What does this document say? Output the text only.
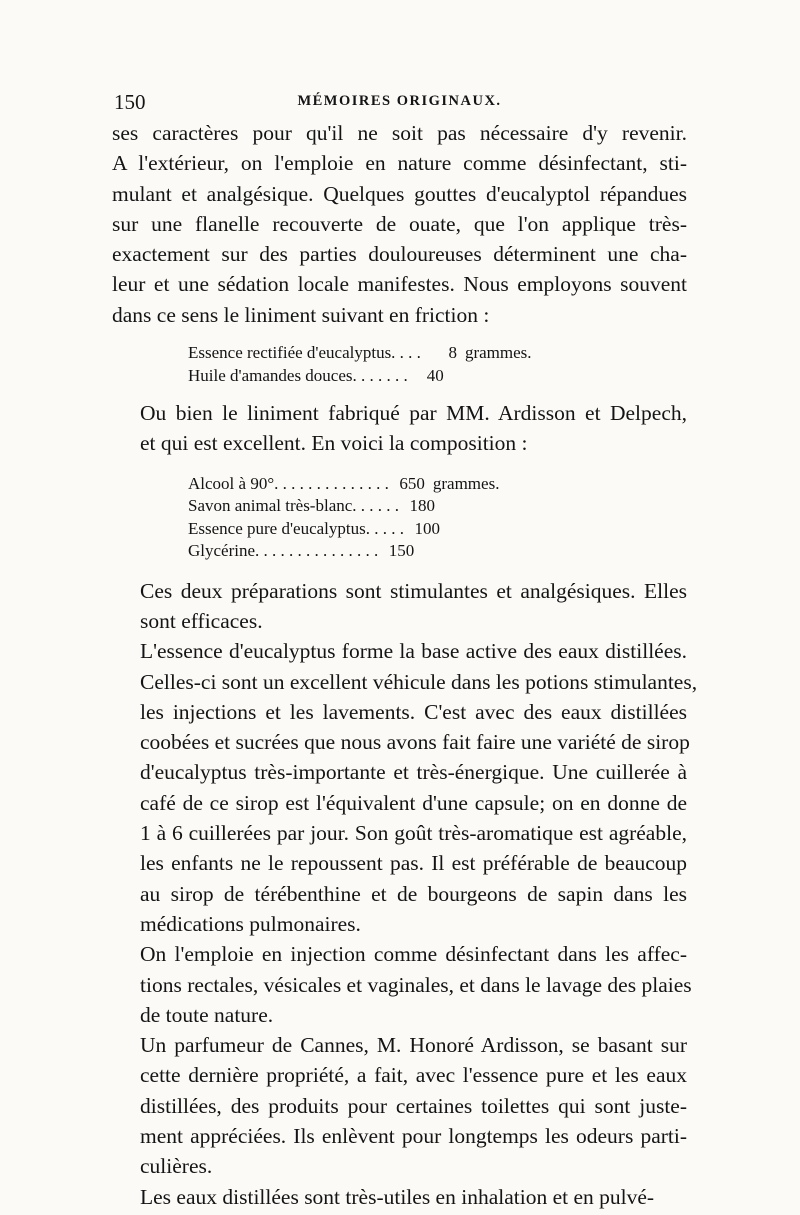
150	MÉMOIRES ORIGINAUX.

ses caractères pour qu'il ne soit pas nécessaire d'y revenir.
A l'extérieur, on l'emploie en nature comme désinfectant, sti-
mulant et analgésique. Quelques gouttes d'eucalyptol répandues
sur une flanelle recouverte de ouate, que l'on applique très-
exactement sur des parties douloureuses déterminent une cha-
leur et une sédation locale manifestes. Nous employons souvent
dans ce sens le liniment suivant en friction :

Essence rectifiée d'eucalyptus. . . .	8 grammes.
Huile d'amandes douces. . . . . . .	40

Ou bien le liniment fabriqué par MM. Ardisson et Delpech,
et qui est excellent. En voici la composition :

Alcool à 90°. . . . . . . . . . . . . . 650 grammes.
Savon animal très-blanc. . . . . . 180
Essence pure d'eucalyptus. . . . . 100
Glycérine. . . . . . . . . . . . . . . 150

Ces deux préparations sont stimulantes et analgésiques. Elles
sont efficaces.

L'essence d'eucalyptus forme la base active des eaux distillées.
Celles-ci sont un excellent véhicule dans les potions stimulantes,
les injections et les lavements. C'est avec des eaux distillées
coobées et sucrées que nous avons fait faire une variété de sirop
d'eucalyptus très-importante et très-énergique. Une cuillerée à
café de ce sirop est l'équivalent d'une capsule; on en donne de
1 à 6 cuillerées par jour. Son goût très-aromatique est agréable,
les enfants ne le repoussent pas. Il est préférable de beaucoup
au sirop de térébenthine et de bourgeons de sapin dans les
médications pulmonaires.

On l'emploie en injection comme désinfectant dans les affec-
tions rectales, vésicales et vaginales, et dans le lavage des plaies
de toute nature.

Un parfumeur de Cannes, M. Honoré Ardisson, se basant sur
cette dernière propriété, a fait, avec l'essence pure et les eaux
distillées, des produits pour certaines toilettes qui sont juste-
ment appréciées. Ils enlèvent pour longtemps les odeurs parti-
culières.

Les eaux distillées sont très-utiles en inhalation et en pulvé-
